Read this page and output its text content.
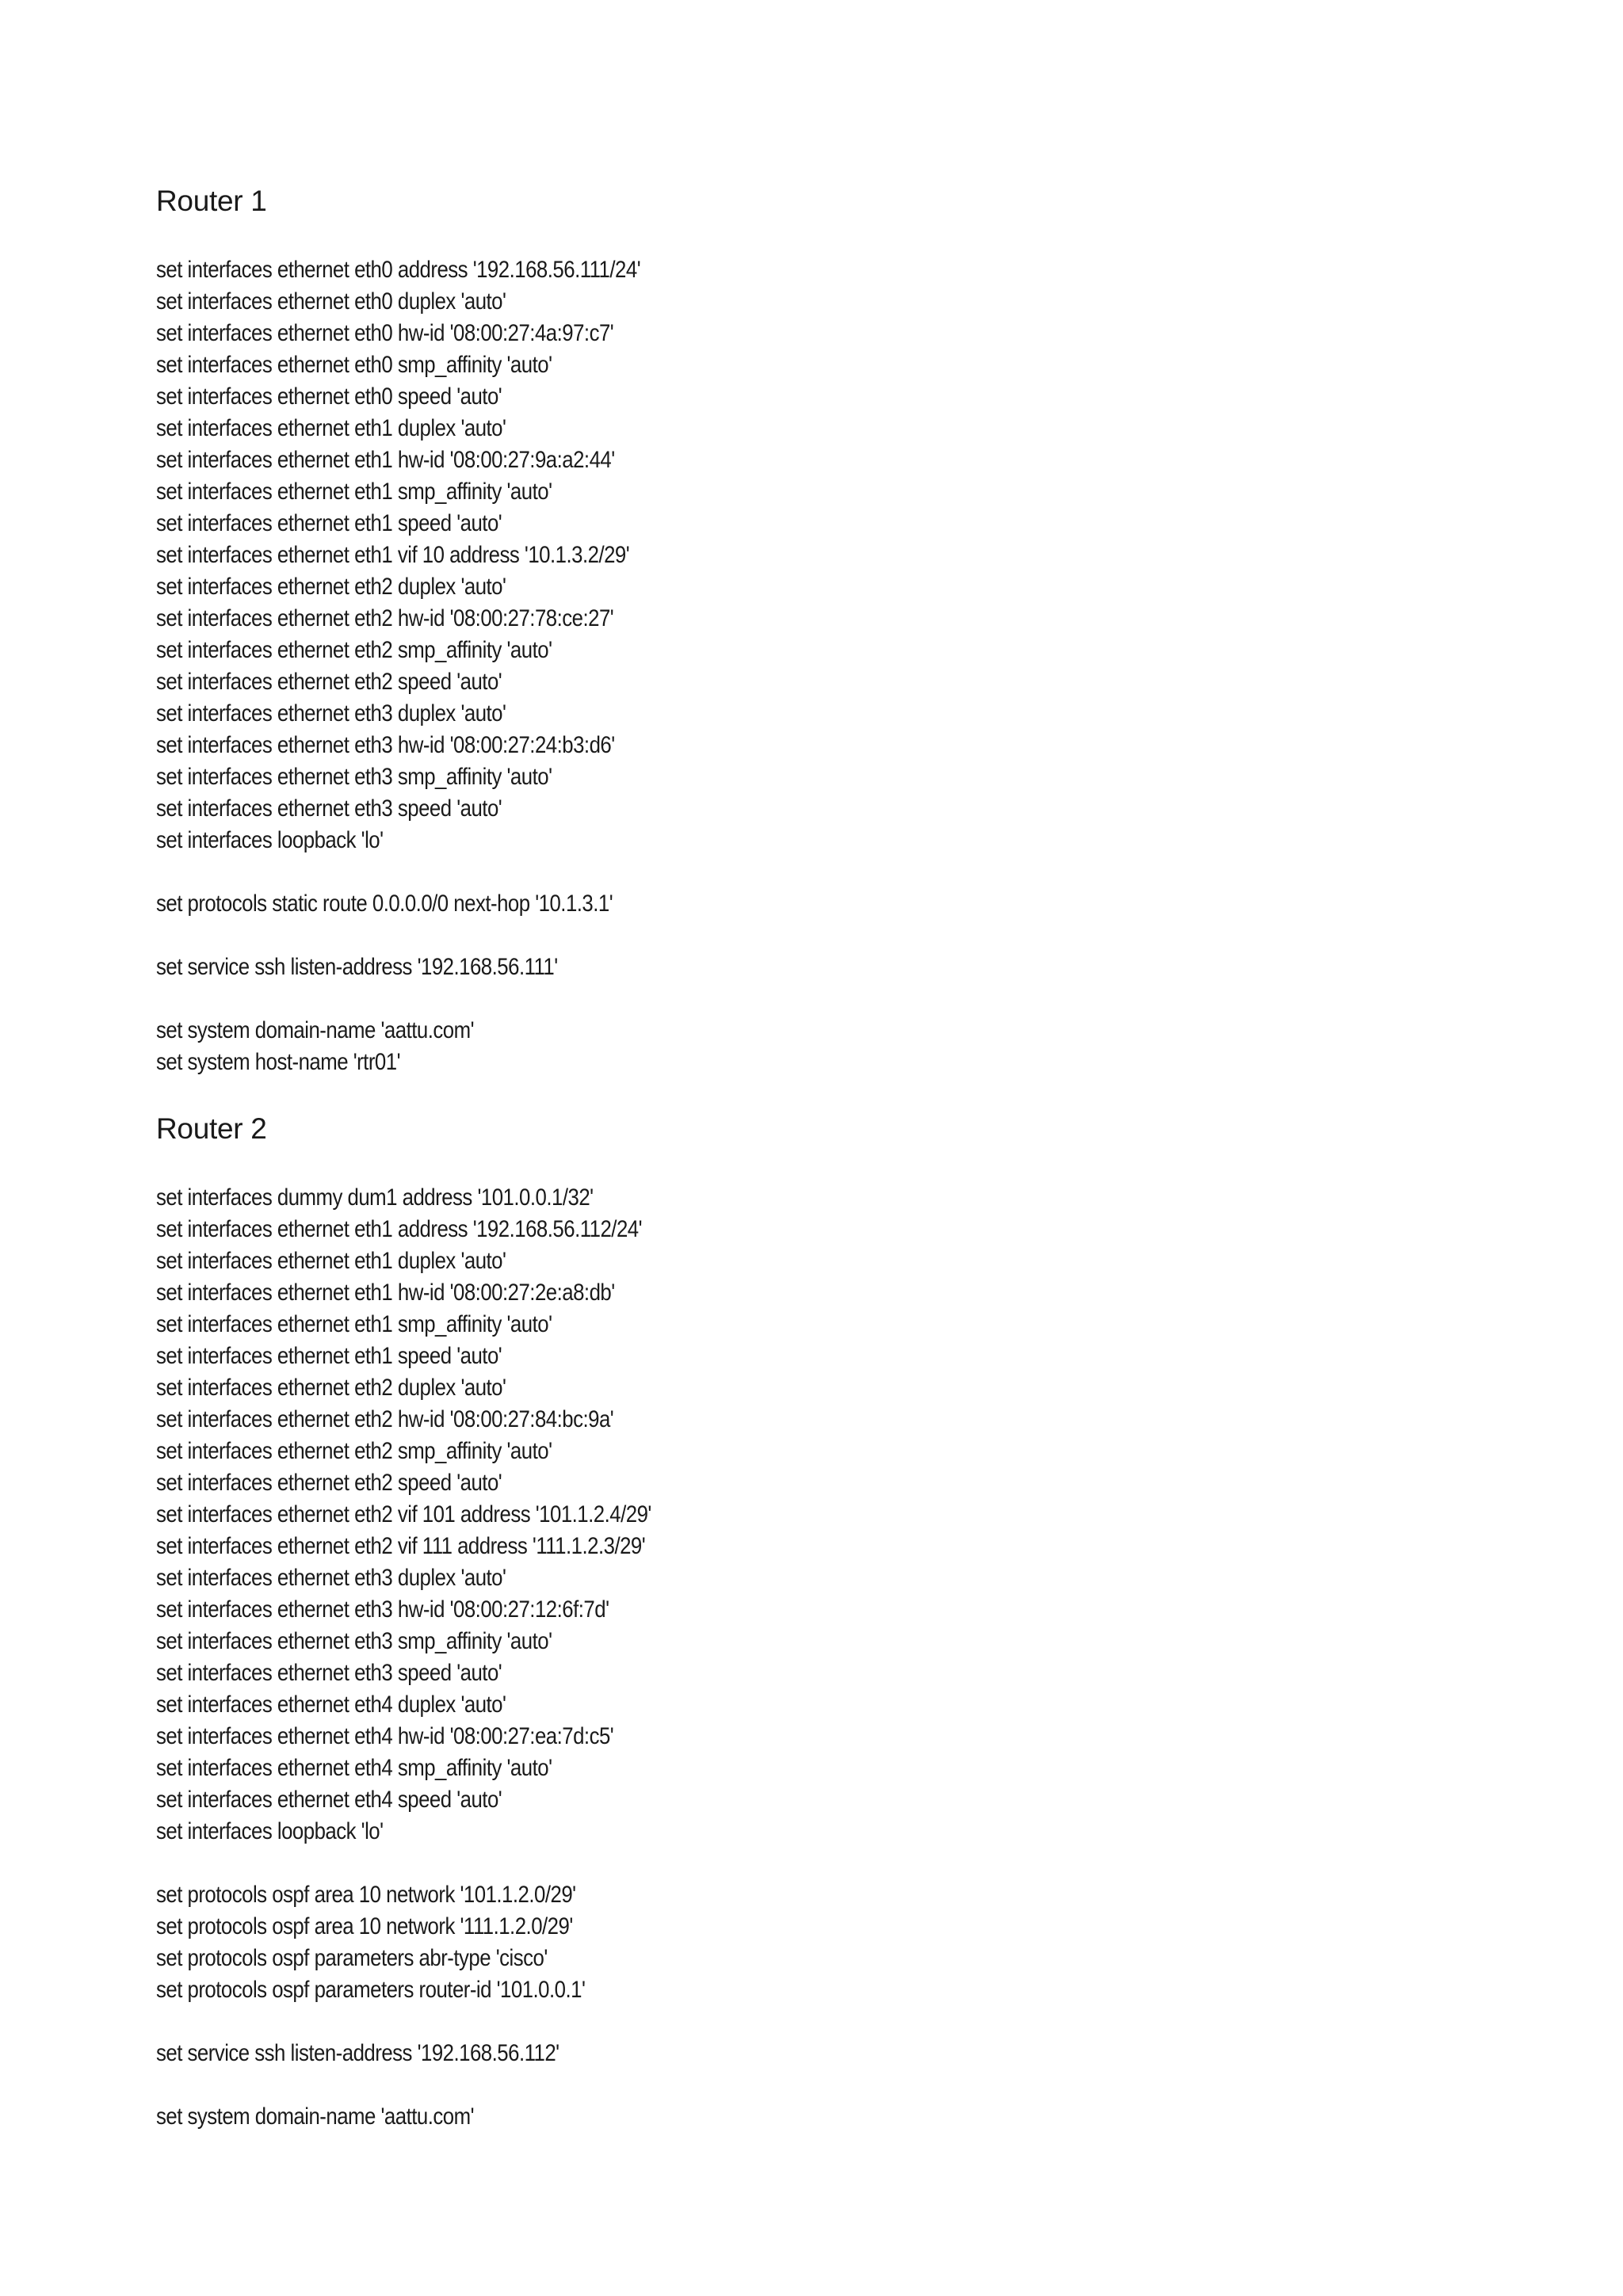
Router 1
set interfaces ethernet eth0 address '192.168.56.111/24'
set interfaces ethernet eth0 duplex 'auto'
set interfaces ethernet eth0 hw-id '08:00:27:4a:97:c7'
set interfaces ethernet eth0 smp_affinity 'auto'
set interfaces ethernet eth0 speed 'auto'
set interfaces ethernet eth1 duplex 'auto'
set interfaces ethernet eth1 hw-id '08:00:27:9a:a2:44'
set interfaces ethernet eth1 smp_affinity 'auto'
set interfaces ethernet eth1 speed 'auto'
set interfaces ethernet eth1 vif 10 address '10.1.3.2/29'
set interfaces ethernet eth2 duplex 'auto'
set interfaces ethernet eth2 hw-id '08:00:27:78:ce:27'
set interfaces ethernet eth2 smp_affinity 'auto'
set interfaces ethernet eth2 speed 'auto'
set interfaces ethernet eth3 duplex 'auto'
set interfaces ethernet eth3 hw-id '08:00:27:24:b3:d6'
set interfaces ethernet eth3 smp_affinity 'auto'
set interfaces ethernet eth3 speed 'auto'
set interfaces loopback 'lo'
set protocols static route 0.0.0.0/0 next-hop '10.1.3.1'
set service ssh listen-address '192.168.56.111'
set system domain-name 'aattu.com'
set system host-name 'rtr01'
Router 2
set interfaces dummy dum1 address '101.0.0.1/32'
set interfaces ethernet eth1 address '192.168.56.112/24'
set interfaces ethernet eth1 duplex 'auto'
set interfaces ethernet eth1 hw-id '08:00:27:2e:a8:db'
set interfaces ethernet eth1 smp_affinity 'auto'
set interfaces ethernet eth1 speed 'auto'
set interfaces ethernet eth2 duplex 'auto'
set interfaces ethernet eth2 hw-id '08:00:27:84:bc:9a'
set interfaces ethernet eth2 smp_affinity 'auto'
set interfaces ethernet eth2 speed 'auto'
set interfaces ethernet eth2 vif 101 address '101.1.2.4/29'
set interfaces ethernet eth2 vif 111 address '111.1.2.3/29'
set interfaces ethernet eth3 duplex 'auto'
set interfaces ethernet eth3 hw-id '08:00:27:12:6f:7d'
set interfaces ethernet eth3 smp_affinity 'auto'
set interfaces ethernet eth3 speed 'auto'
set interfaces ethernet eth4 duplex 'auto'
set interfaces ethernet eth4 hw-id '08:00:27:ea:7d:c5'
set interfaces ethernet eth4 smp_affinity 'auto'
set interfaces ethernet eth4 speed 'auto'
set interfaces loopback 'lo'
set protocols ospf area 10 network '101.1.2.0/29'
set protocols ospf area 10 network '111.1.2.0/29'
set protocols ospf parameters abr-type 'cisco'
set protocols ospf parameters router-id '101.0.0.1'
set service ssh listen-address '192.168.56.112'
set system domain-name 'aattu.com'
